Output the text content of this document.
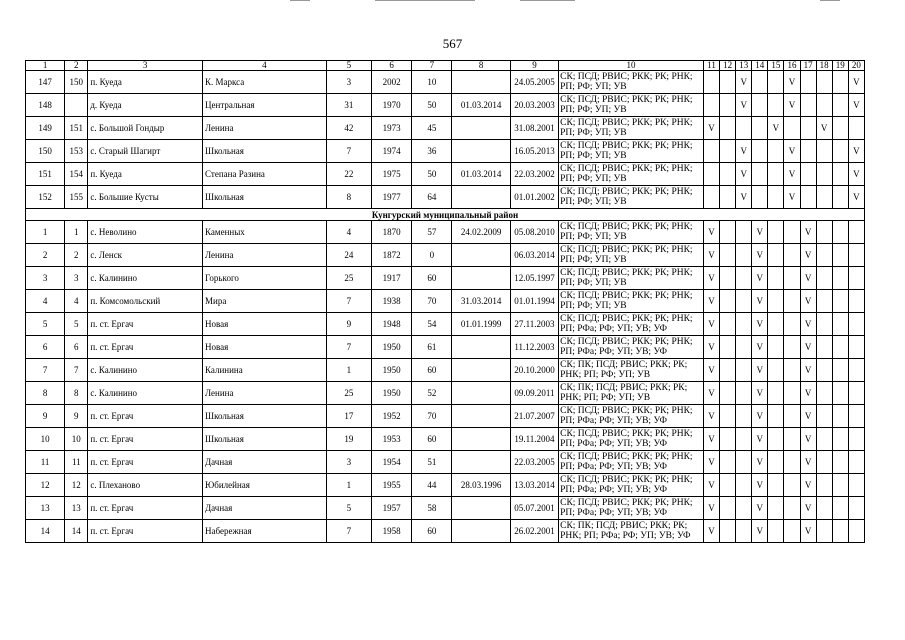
567
1	2	3	4	5	6	7	8	9	10	11	12	13	14	15	16	17	18	19	20
147	150	п. Куеда	К. Маркса	3	2002	10		24.05.2005	СК; ПСД; РВИС; РКК; РК; РНК; РП; РФ; УП; УВ			V			V				V
148		д. Куеда	Центральная	31	1970	50	01.03.2014	20.03.2003	СК; ПСД; РВИС; РКК; РК; РНК; РП; РФ; УП; УВ			V			V				V
149	151	с. Большой Гондыр	Ленина	42	1973	45		31.08.2001	СК; ПСД; РВИС; РКК; РК; РНК; РП; РФ; УП; УВ	V				V			V		
150	153	с. Старый Шагирт	Школьная	7	1974	36		16.05.2013	СК; ПСД; РВИС; РКК; РК; РНК; РП; РФ; УП; УВ			V			V				V
151	154	п. Куеда	Степана Разина	22	1975	50	01.03.2014	22.03.2002	СК; ПСД; РВИС; РКК; РК; РНК; РП; РФ; УП; УВ			V			V				V
152	155	с. Большие Кусты	Школьная	8	1977	64		01.01.2002	СК; ПСД; РВИС; РКК; РК; РНК; РП; РФ; УП; УВ			V			V				V
Кунгурский муниципальный район																			
1	1	с. Неволино	Каменных	4	1870	57	24.02.2009	05.08.2010	СК; ПСД; РВИС; РКК; РК; РНК; РП; РФ; УП; УВ	V			V			V			
2	2	с. Ленск	Ленина	24	1872	0		06.03.2014	СК; ПСД; РВИС; РКК; РК; РНК; РП; РФ; УП; УВ	V			V			V			
3	3	с. Калинино	Горького	25	1917	60		12.05.1997	СК; ПСД; РВИС; РКК; РК; РНК; РП; РФ; УП; УВ	V			V			V			
4	4	п. Комсомольский	Мира	7	1938	70	31.03.2014	01.01.1994	СК; ПСД; РВИС; РКК; РК; РНК; РП; РФ; УП; УВ	V			V			V			
5	5	п. ст. Ергач	Новая	9	1948	54	01.01.1999	27.11.2003	СК; ПСД; РВИС; РКК; РК; РНК; РП; РФа; РФ; УП; УВ; УФ	V			V			V			
6	6	п. ст. Ергач	Новая	7	1950	61		11.12.2003	СК; ПСД; РВИС; РКК; РК; РНК; РП; РФа; РФ; УП; УВ; УФ	V			V			V			
7	7	с. Калинино	Калинина	1	1950	60		20.10.2000	СК; ПК; ПСД; РВИС; РКК; РК; РНК; РП; РФ; УП; УВ	V			V			V			
8	8	с. Калинино	Ленина	25	1950	52		09.09.2011	СК; ПК; ПСД; РВИС; РКК; РК; РНК; РП; РФ; УП; УВ	V			V			V			
9	9	п. ст. Ергач	Школьная	17	1952	70		21.07.2007	СК; ПСД; РВИС; РКК; РК; РНК; РП; РФа; РФ; УП; УВ; УФ	V			V			V			
10	10	п. ст. Ергач	Школьная	19	1953	60		19.11.2004	СК; ПСД; РВИС; РКК; РК; РНК; РП; РФа; РФ; УП; УВ; УФ	V			V			V			
11	11	п. ст. Ергач	Дачная	3	1954	51		22.03.2005	СК; ПСД; РВИС; РКК; РК; РНК; РП; РФа; РФ; УП; УВ; УФ	V			V			V			
12	12	с. Плеханово	Юбилейная	1	1955	44	28.03.1996	13.03.2014	СК; ПСД; РВИС; РКК; РК; РНК; РП; РФа; РФ; УП; УВ; УФ	V			V			V			
13	13	п. ст. Ергач	Дачная	5	1957	58		05.07.2001	СК; ПСД; РВИС; РКК; РК; РНК; РП; РФа; РФ; УП; УВ; УФ	V			V			V			
14	14	п. ст. Ергач	Набережная	7	1958	60		26.02.2001	СК; ПК; ПСД; РВИС; РКК; РК; РНК; РП; РФа; РФ; УП; УВ; УФ	V			V			V			
